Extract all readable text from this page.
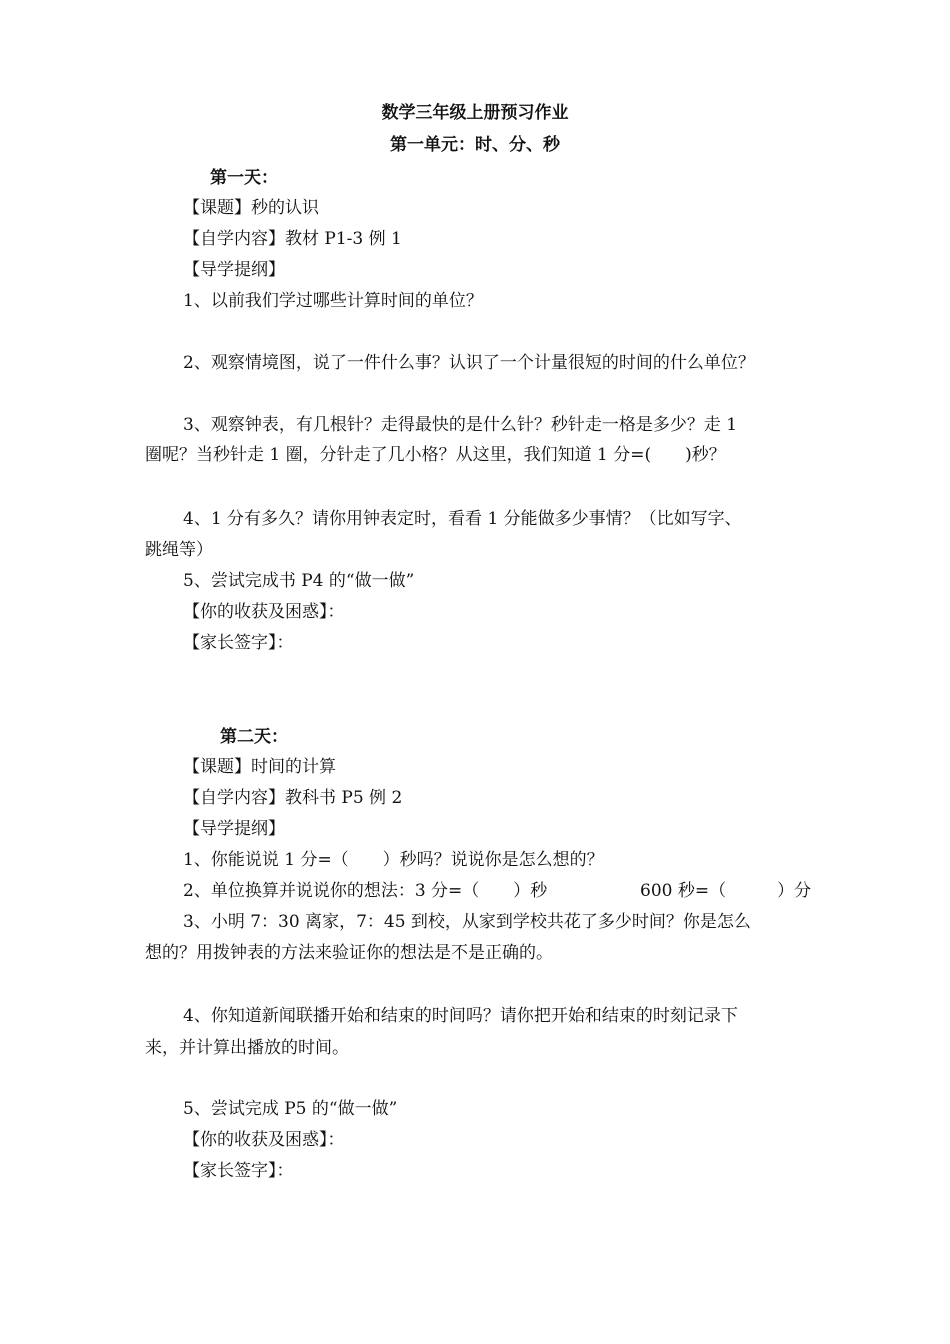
数学三年级上册预习作业
第一单元：时、分、秒
第一天：
【课题】秒的认识
【自学内容】教材 P1-3 例 1
【导学提纲】
1、以前我们学过哪些计算时间的单位？
2、观察情境图，说了一件什么事？认识了一个计量很短的时间的什么单位？
3、观察钟表，有几根针？走得最快的是什么针？秒针走一格是多少？走 1
圈呢？当秒针走 1 圈，分针走了几小格？从这里，我们知道 1 分=(　　)秒？
4、1 分有多久？请你用钟表定时，看看 1 分能做多少事情？（比如写字、
跳绳等）
5、尝试完成书 P4 的“做一做”
【你的收获及困惑】：
【家长签字】：
第二天：
【课题】时间的计算
【自学内容】教科书 P5 例 2
【导学提纲】
1、你能说说 1 分=（　　）秒吗？说说你是怎么想的？
2、单位换算并说说你的想法：3 分=（　　）秒	600 秒=（　　　）分
3、小明 7：30 离家，7：45 到校，从家到学校共花了多少时间？你是怎么
想的？用拨钟表的方法来验证你的想法是不是正确的。
4、你知道新闻联播开始和结束的时间吗？请你把开始和结束的时刻记录下
来，并计算出播放的时间。
5、尝试完成 P5 的“做一做”
【你的收获及困惑】：
【家长签字】：
